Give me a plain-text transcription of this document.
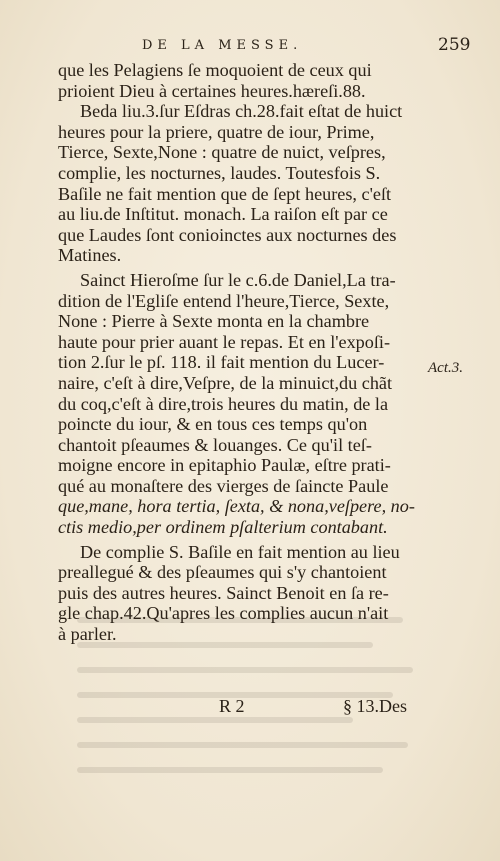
DE LA MESSE.	259
que les Pelagiens ſe moquoient de ceux qui
prioient Dieu à certaines heures.hæreſi.88.
Beda liu.3.ſur Eſdras ch.28.fait eſtat de huict
heures pour la priere, quatre de iour, Prime,
Tierce, Sexte,None : quatre de nuict, veſpres,
complie, les nocturnes, laudes. Toutesfois S.
Baſile ne fait mention que de ſept heures, c'eſt
au liu.de Inſtitut. monach. La raiſon eſt par ce
que Laudes ſont conioinctes aux nocturnes des
Matines.
Sainct Hieroſme ſur le c.6.de Daniel,La tra-
dition de l'Egliſe entend l'heure,Tierce, Sexte,
None : Pierre à Sexte monta en la chambre
haute pour prier auant le repas. Et en l'expoſi-
tion 2.ſur le pſ. 118. il fait mention du Lucer-
naire, c'eſt à dire,Veſpre, de la minuict,du chãt
du coq,c'eſt à dire,trois heures du matin, de la
poincte du iour, & en tous ces temps qu'on
chantoit pſeaumes & louanges. Ce qu'il teſ-
moigne encore in epitaphio Paulæ, eſtre prati-
qué au monaſtere des vierges de ſaincte Paule
que,mane, hora tertia, ſexta, & nona,veſpere, no-
ctis medio,per ordinem pſalterium contabant.
De complie S. Baſile en fait mention au lieu
preallegué & des pſeaumes qui s'y chantoient
puis des autres heures. Sainct Benoit en ſa re-
gle chap.42.Qu'apres les complies aucun n'ait
à parler.
Act.3.
R 2	§ 13.Des
